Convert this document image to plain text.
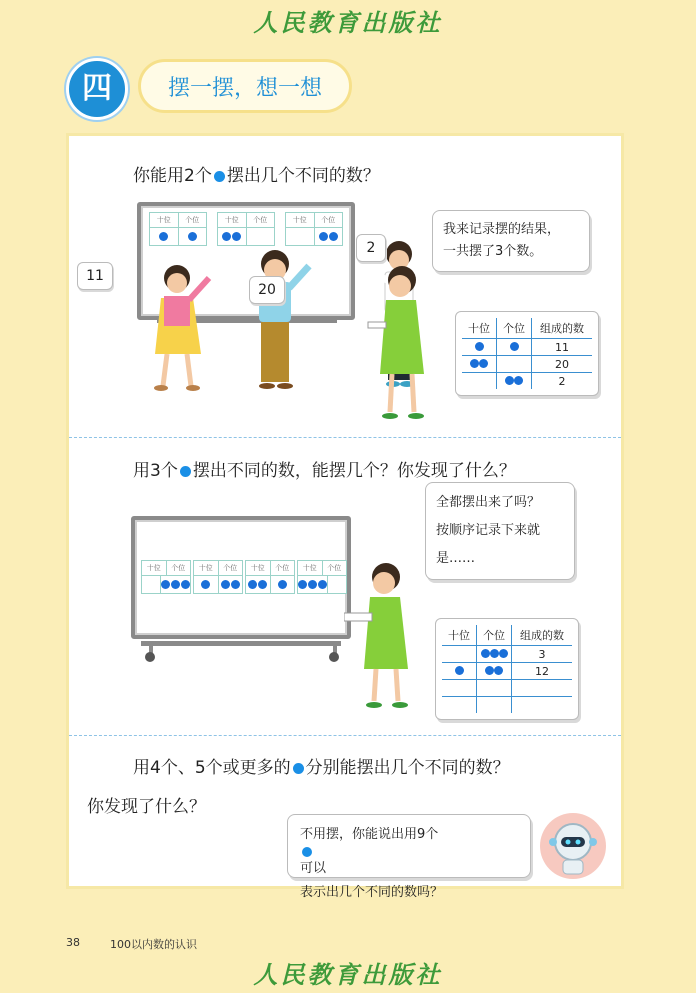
人民教育出版社
四	摆一摆，想一想
你能用2个 摆出几个不同的数？
十位	个位	十位	个位	十位	个位
11
20
2
我来记录摆的结果，
一共摆了3个数。
十位	个位	组成的数
		11
		20
		2
用3个 摆出不同的数，能摆几个？你发现了什么？
十位	个位	十位	个位	十位	个位	十位	个位
全都摆出来了吗？
按顺序记录下来就
是……
十位	个位	组成的数
		3
		12

用4个、5个或更多的 分别能摆出几个不同的数？
你发现了什么？
不用摆，你能说出用9个
可以
表示出几个不同的数吗？
38	100以内数的认识
人民教育出版社
